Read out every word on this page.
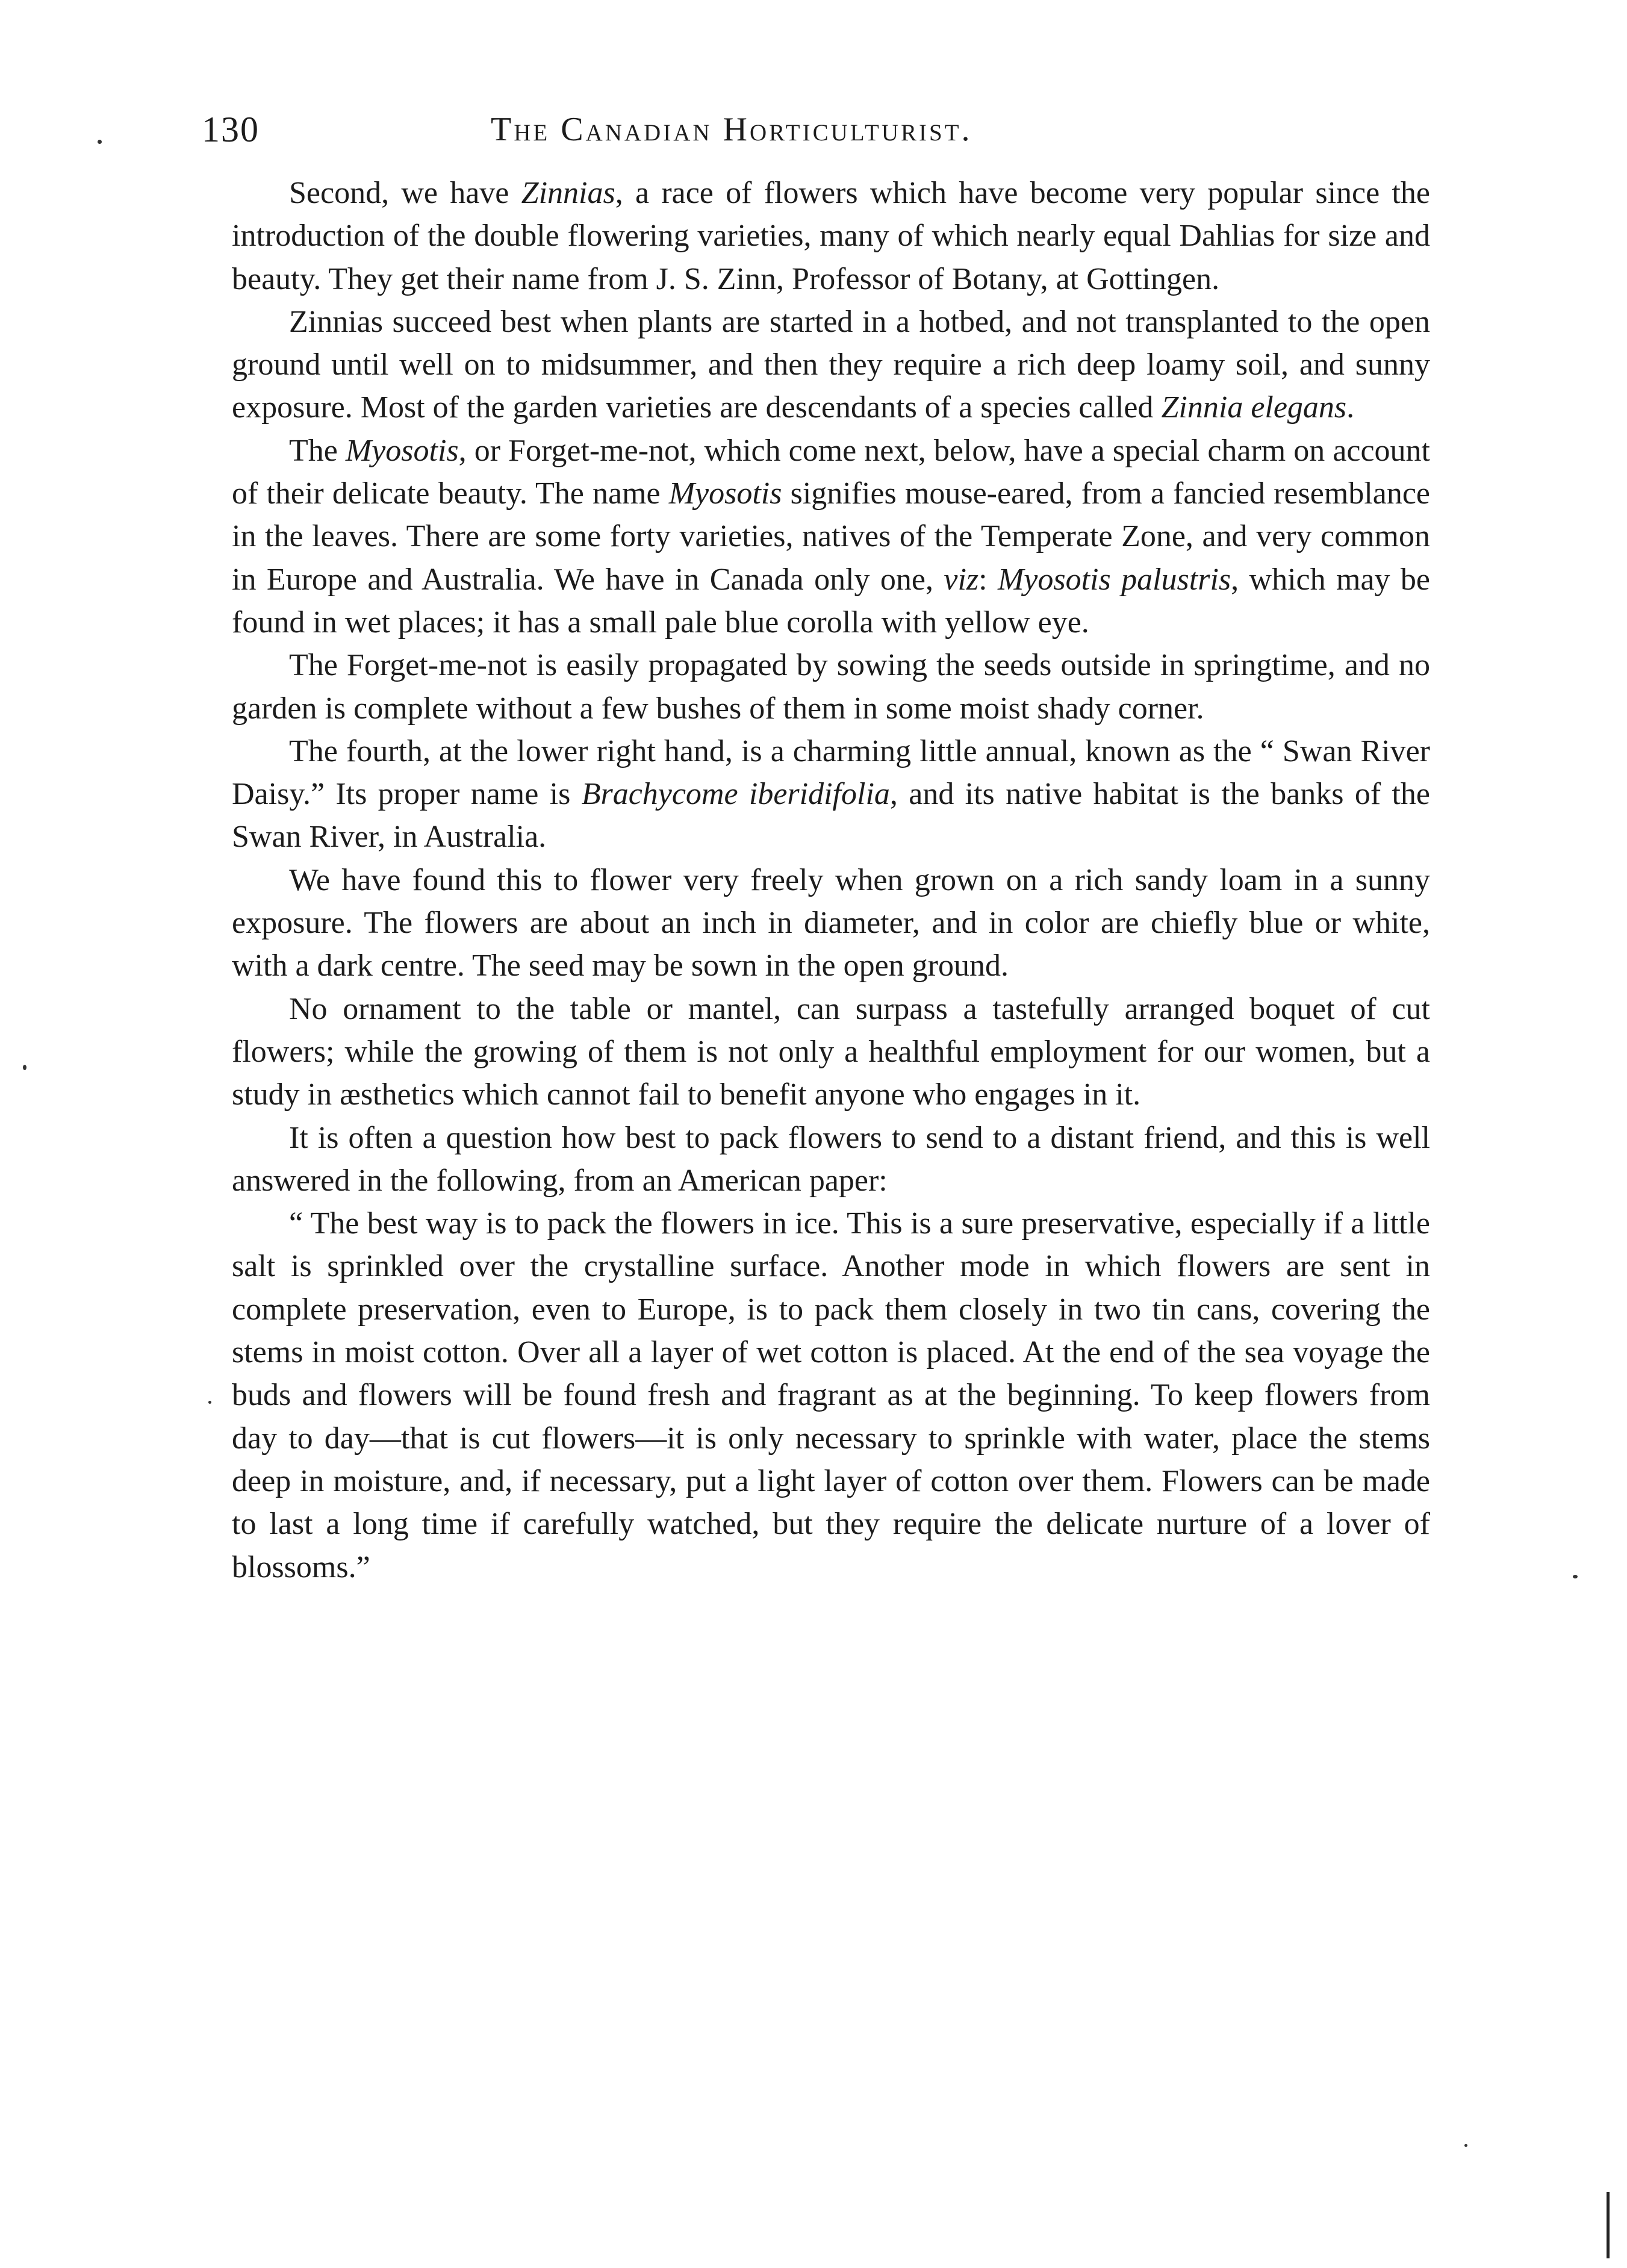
130	The Canadian Horticulturist.

Second, we have Zinnias, a race of flowers which have become very popular since the introduction of the double flowering varieties, many of which nearly equal Dahlias for size and beauty. They get their name from J. S. Zinn, Professor of Botany, at Gottingen.

Zinnias succeed best when plants are started in a hotbed, and not transplanted to the open ground until well on to midsummer, and then they require a rich deep loamy soil, and sunny exposure. Most of the garden varieties are descendants of a species called Zinnia elegans.

The Myosotis, or Forget-me-not, which come next, below, have a special charm on account of their delicate beauty. The name Myosotis signifies mouse-eared, from a fancied resemblance in the leaves. There are some forty varieties, natives of the Temperate Zone, and very common in Europe and Australia. We have in Canada only one, viz: Myosotis palustris, which may be found in wet places; it has a small pale blue corolla with yellow eye.

The Forget-me-not is easily propagated by sowing the seeds outside in springtime, and no garden is complete without a few bushes of them in some moist shady corner.

The fourth, at the lower right hand, is a charming little annual, known as the “ Swan River Daisy.” Its proper name is Brachycome iberidifolia, and its native habitat is the banks of the Swan River, in Australia.

We have found this to flower very freely when grown on a rich sandy loam in a sunny exposure. The flowers are about an inch in diameter, and in color are chiefly blue or white, with a dark centre. The seed may be sown in the open ground.

No ornament to the table or mantel, can surpass a tastefully arranged boquet of cut flowers; while the growing of them is not only a healthful employment for our women, but a study in æsthetics which cannot fail to benefit anyone who engages in it.

It is often a question how best to pack flowers to send to a distant friend, and this is well answered in the following, from an American paper:

“ The best way is to pack the flowers in ice. This is a sure preservative, especially if a little salt is sprinkled over the crystalline surface. Another mode in which flowers are sent in complete preservation, even to Europe, is to pack them closely in two tin cans, covering the stems in moist cotton. Over all a layer of wet cotton is placed. At the end of the sea voyage the buds and flowers will be found fresh and fragrant as at the beginning. To keep flowers from day to day—that is cut flowers—it is only necessary to sprinkle with water, place the stems deep in moisture, and, if necessary, put a light layer of cotton over them. Flowers can be made to last a long time if carefully watched, but they require the delicate nurture of a lover of blossoms.”
